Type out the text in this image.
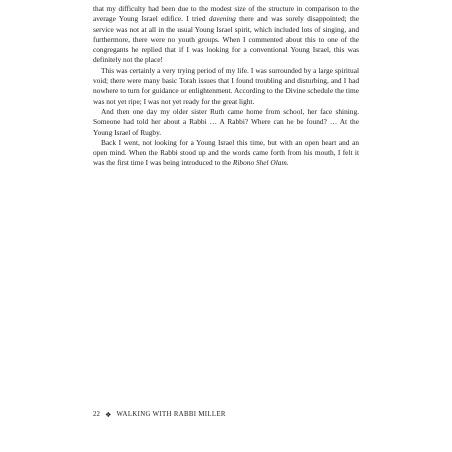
that my difficulty had been due to the modest size of the structure in comparison to the average Young Israel edifice. I tried davening there and was sorely disappointed; the service was not at all in the usual Young Israel spirit, which included lots of singing, and furthermore, there were no youth groups. When I commented about this to one of the congregants he replied that if I was looking for a conventional Young Israel, this was definitely not the place!

This was certainly a very trying period of my life. I was surrounded by a large spiritual void; there were many basic Torah issues that I found troubling and disturbing, and I had nowhere to turn for guidance or enlightenment. According to the Divine schedule the time was not yet ripe; I was not yet ready for the great light.

And then one day my older sister Ruth came home from school, her face shining. Someone had told her about a Rabbi … A Rabbi? Where can he be found? … At the Young Israel of Rugby.

Back I went, not looking for a Young Israel this time, but with an open heart and an open mind. When the Rabbi stood up and the words came forth from his mouth, I felt it was the first time I was being introduced to the Ribono Shel Olam.

22 ❖ WALKING WITH RABBI MILLER
